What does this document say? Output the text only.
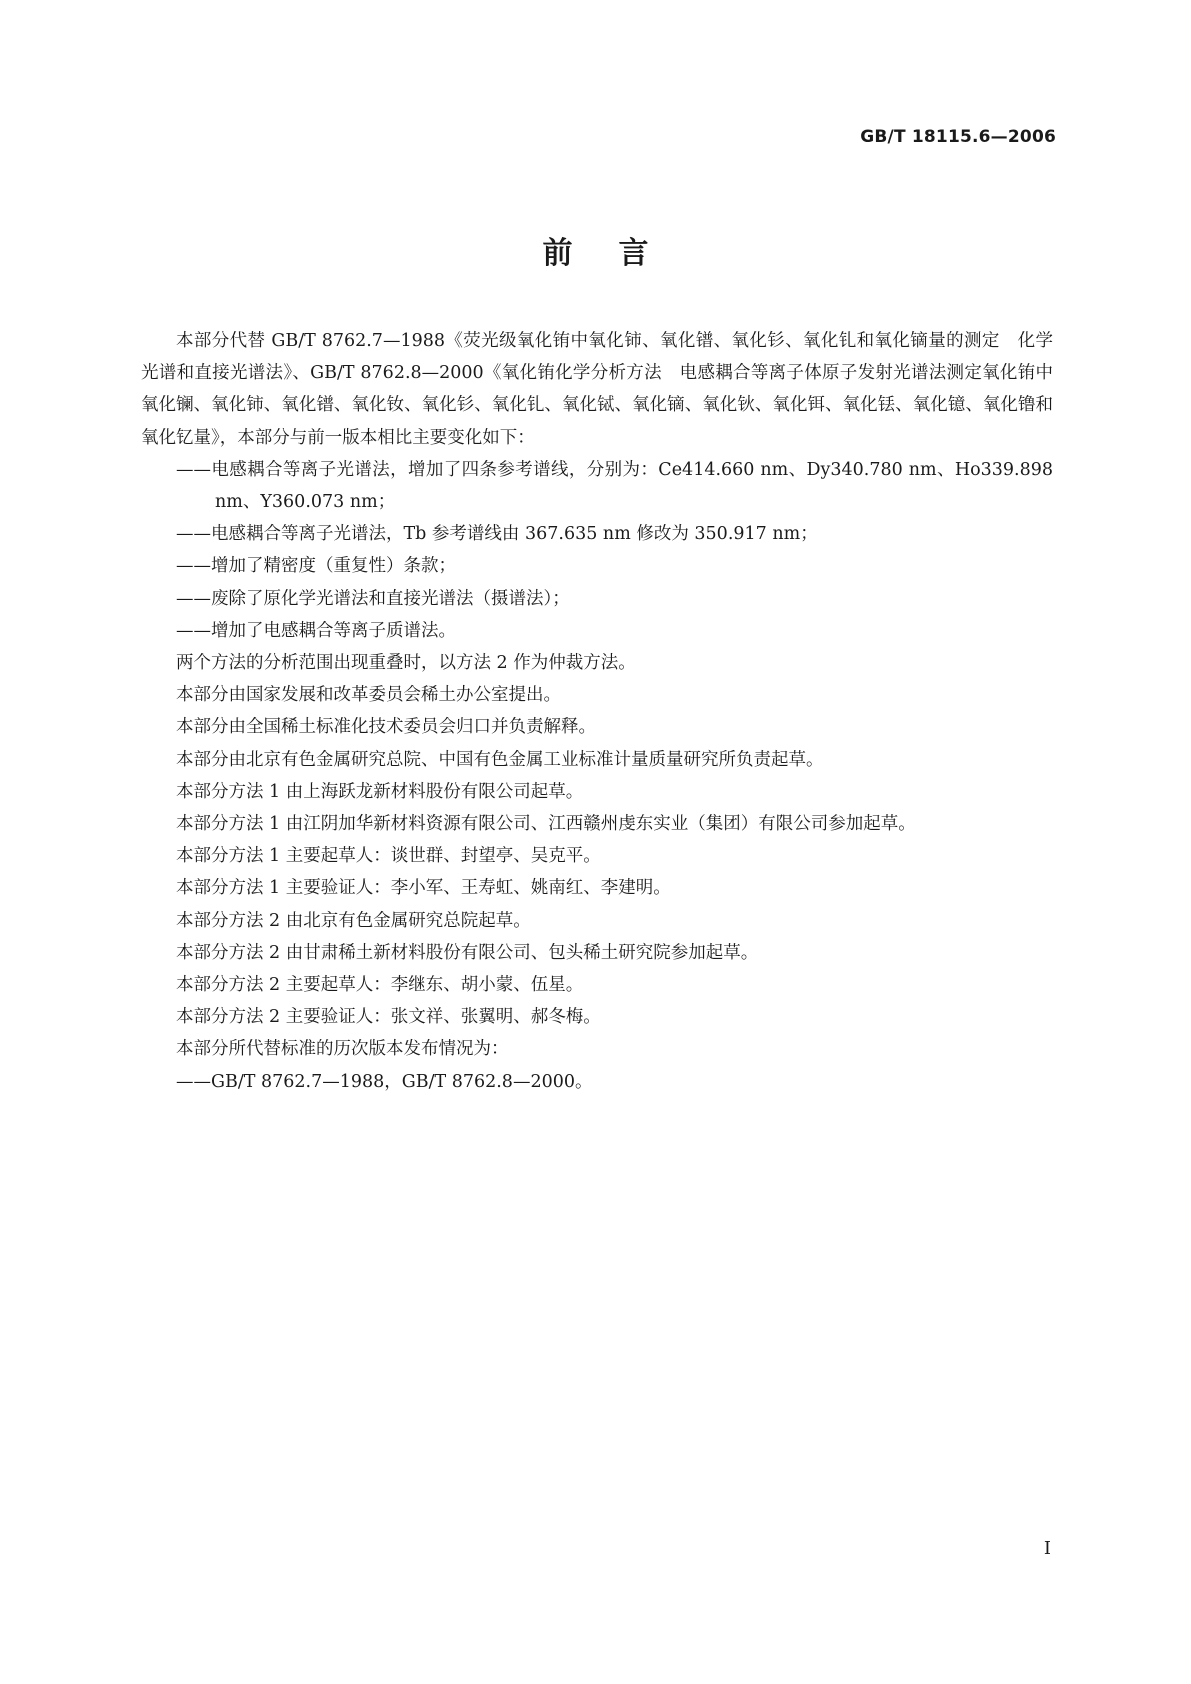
GB/T 18115.6—2006
前言

本部分代替 GB/T 8762.7—1988《荧光级氧化铕中氧化铈、氧化镨、氧化钐、氧化钆和氧化镝量的测定　化学光谱和直接光谱法》、GB/T 8762.8—2000《氧化铕化学分析方法　电感耦合等离子体原子发射光谱法测定氧化铕中氧化镧、氧化铈、氧化镨、氧化钕、氧化钐、氧化钆、氧化铽、氧化镝、氧化钬、氧化铒、氧化铥、氧化镱、氧化镥和氧化钇量》，本部分与前一版本相比主要变化如下：

——电感耦合等离子光谱法，增加了四条参考谱线，分别为：Ce414.660 nm、Dy340.780 nm、Ho339.898 nm、Y360.073 nm；

——电感耦合等离子光谱法，Tb 参考谱线由 367.635 nm 修改为 350.917 nm；

——增加了精密度（重复性）条款；

——废除了原化学光谱法和直接光谱法（摄谱法）；

——增加了电感耦合等离子质谱法。

两个方法的分析范围出现重叠时，以方法 2 作为仲裁方法。

本部分由国家发展和改革委员会稀土办公室提出。

本部分由全国稀土标准化技术委员会归口并负责解释。

本部分由北京有色金属研究总院、中国有色金属工业标准计量质量研究所负责起草。

本部分方法 1 由上海跃龙新材料股份有限公司起草。

本部分方法 1 由江阴加华新材料资源有限公司、江西赣州虔东实业（集团）有限公司参加起草。

本部分方法 1 主要起草人：谈世群、封望亭、吴克平。

本部分方法 1 主要验证人：李小军、王寿虹、姚南红、李建明。

本部分方法 2 由北京有色金属研究总院起草。

本部分方法 2 由甘肃稀土新材料股份有限公司、包头稀土研究院参加起草。

本部分方法 2 主要起草人：李继东、胡小蒙、伍星。

本部分方法 2 主要验证人：张文祥、张翼明、郝冬梅。

本部分所代替标准的历次版本发布情况为：

——GB/T 8762.7—1988，GB/T 8762.8—2000。

I
